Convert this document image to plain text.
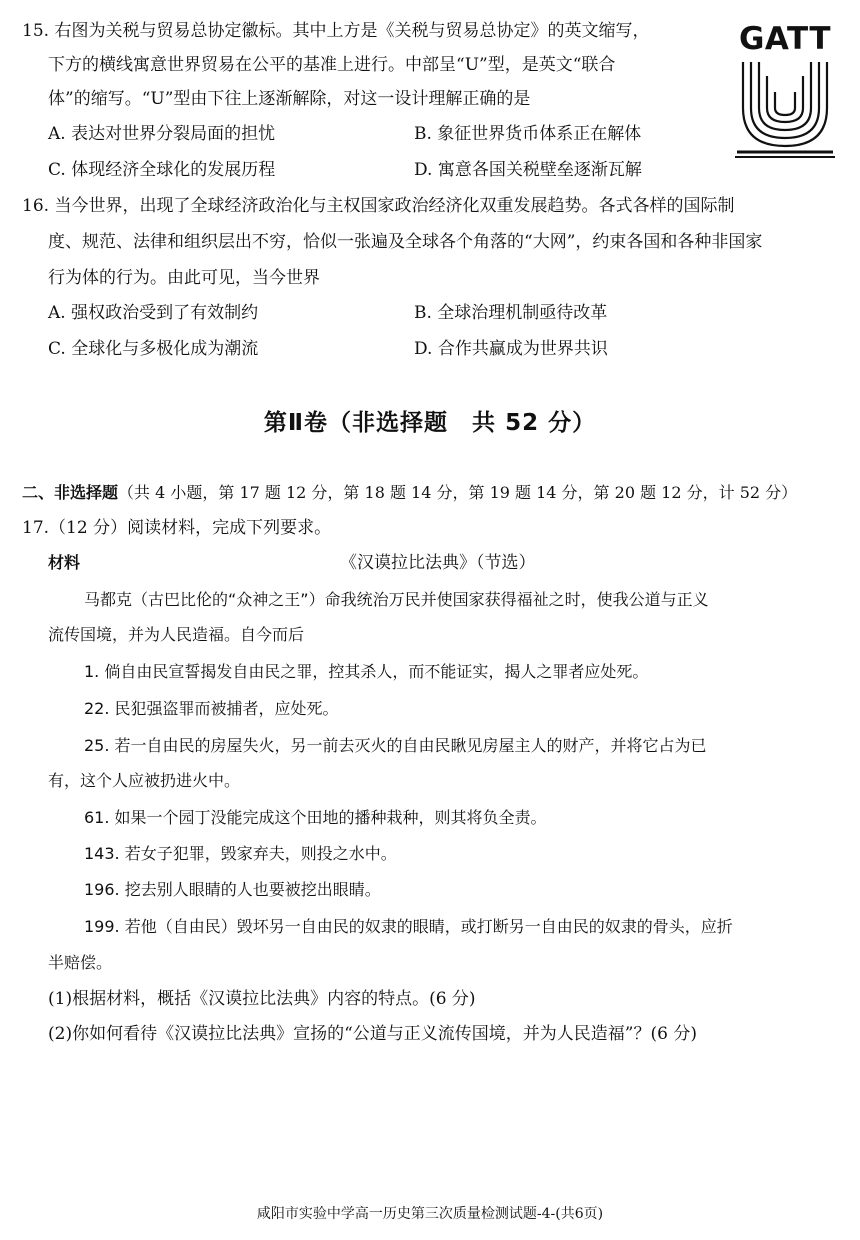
15. 右图为关税与贸易总协定徽标。其中上方是《关税与贸易总协定》的英文缩写，
下方的横线寓意世界贸易在公平的基准上进行。中部呈“U”型，是英文“联合
体”的缩写。“U”型由下往上逐渐解除，对这一设计理解正确的是
A. 表达对世界分裂局面的担忧	B. 象征世界货币体系正在解体
C. 体现经济全球化的发展历程	D. 寓意各国关税壁垒逐渐瓦解
GATT
16. 当今世界，出现了全球经济政治化与主权国家政治经济化双重发展趋势。各式各样的国际制
度、规范、法律和组织层出不穷，恰似一张遍及全球各个角落的“大网”，约束各国和各种非国家
行为体的行为。由此可见，当今世界
A. 强权政治受到了有效制约	B. 全球治理机制亟待改革
C. 全球化与多极化成为潮流	D. 合作共赢成为世界共识
第Ⅱ卷（非选择题　共 52 分）
二、非选择题（共 4 小题，第 17 题 12 分，第 18 题 14 分，第 19 题 14 分，第 20 题 12 分，计 52 分）
17.（12 分）阅读材料，完成下列要求。
材料	《汉谟拉比法典》（节选）
马都克（古巴比伦的“众神之王”）命我统治万民并使国家获得福祉之时，使我公道与正义
流传国境，并为人民造福。自今而后
1. 倘自由民宣誓揭发自由民之罪，控其杀人，而不能证实，揭人之罪者应处死。
22. 民犯强盗罪而被捕者，应处死。
25. 若一自由民的房屋失火，另一前去灭火的自由民瞅见房屋主人的财产，并将它占为已
有，这个人应被扔进火中。
61. 如果一个园丁没能完成这个田地的播种栽种，则其将负全责。
143. 若女子犯罪，毁家弃夫，则投之水中。
196. 挖去别人眼睛的人也要被挖出眼睛。
199. 若他（自由民）毁坏另一自由民的奴隶的眼睛，或打断另一自由民的奴隶的骨头，应折
半赔偿。
(1)根据材料，概括《汉谟拉比法典》内容的特点。(6 分)
(2)你如何看待《汉谟拉比法典》宣扬的“公道与正义流传国境，并为人民造福”？(6 分)
咸阳市实验中学高一历史第三次质量检测试题-4-(共6页)
